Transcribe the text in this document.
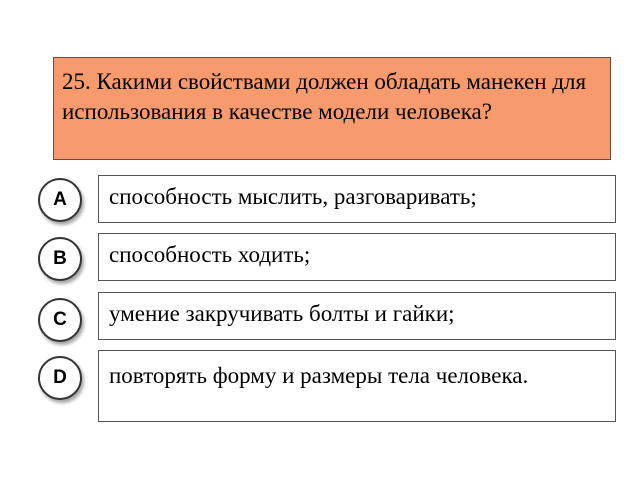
25. Какими свойствами должен обладать манекен для использования в качестве модели человека?
A	способность мыслить, разговаривать;
B	способность ходить;
C	умение закручивать болты и гайки;
D	повторять форму и размеры тела человека.
